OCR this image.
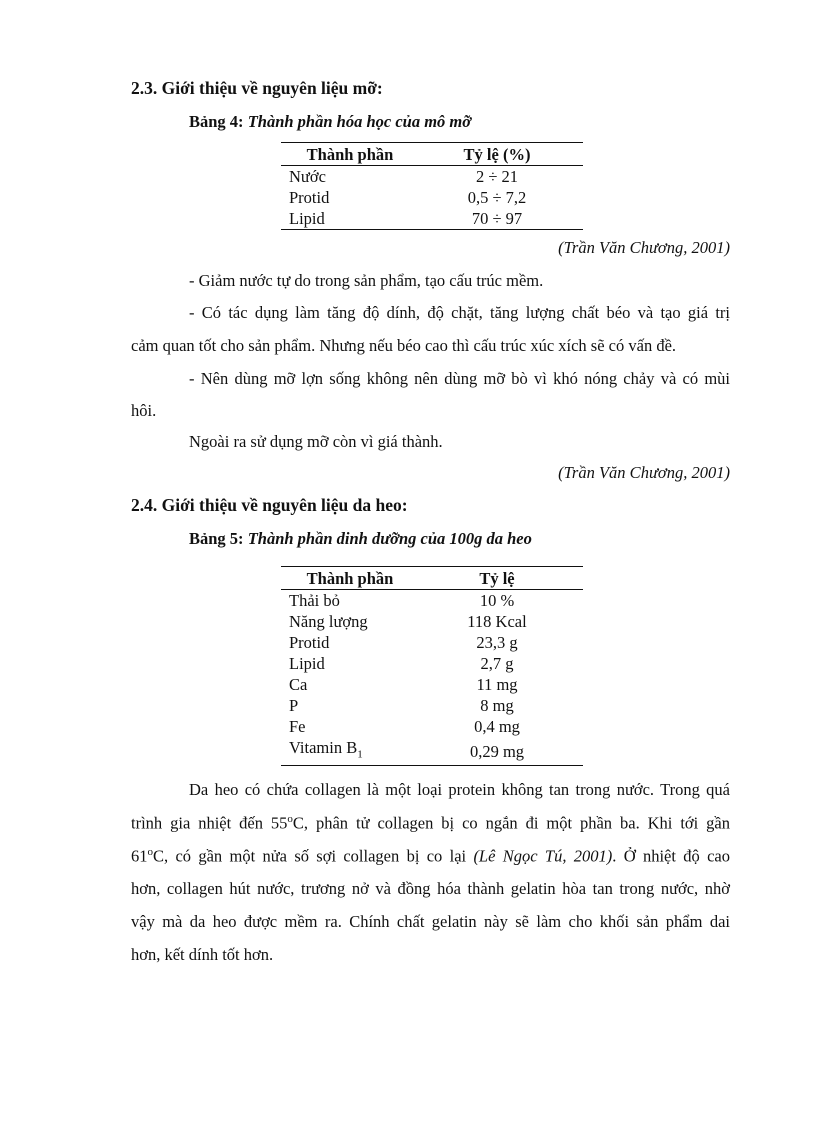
2.3. Giới thiệu về nguyên liệu mỡ:
Bảng 4: Thành phần hóa học của mô mỡ
Thành phần	Tỷ lệ (%)
Nước	2 ÷ 21
Protid	0,5 ÷ 7,2
Lipid	70 ÷ 97
(Trần Văn Chương, 2001)
- Giảm nước tự do trong sản phẩm, tạo cấu trúc mềm.
- Có tác dụng làm tăng độ dính, độ chặt, tăng lượng chất béo và tạo giá trị
cảm quan tốt cho sản phẩm. Nhưng nếu béo cao thì cấu trúc xúc xích sẽ có vấn đề.
- Nên dùng mỡ lợn sống không nên dùng mỡ bò vì khó nóng chảy và có mùi
hôi.
Ngoài ra sử dụng mỡ còn vì giá thành.
(Trần Văn Chương, 2001)
2.4. Giới thiệu về nguyên liệu da heo:
Bảng 5: Thành phần dinh dưỡng của 100g da heo
Thành phần	Tỷ lệ
Thải bỏ	10 %
Năng lượng	118 Kcal
Protid	23,3 g
Lipid	2,7 g
Ca	11 mg
P	8 mg
Fe	0,4 mg
Vitamin $B_1$	0,29 mg
Da heo có chứa collagen là một loại protein không tan trong nước. Trong quá
trình gia nhiệt đến 55$^o$C, phân tử collagen bị co ngắn đi một phần ba. Khi tới gần
61$^o$C, có gần một nửa số sợi collagen bị co lại (Lê Ngọc Tú, 2001). Ở nhiệt độ cao
hơn, collagen hút nước, trương nở và đồng hóa thành gelatin hòa tan trong nước, nhờ
vậy mà da heo được mềm ra. Chính chất gelatin này sẽ làm cho khối sản phẩm dai
hơn, kết dính tốt hơn.
